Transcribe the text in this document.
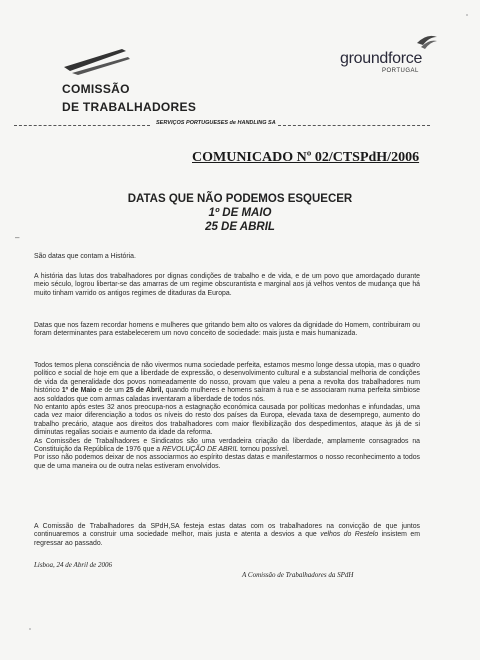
COMISSÃO
DE TRABALHADORES
groundforce
PORTUGAL
SERVIÇOS PORTUGUESES de HANDLING SA
COMUNICADO Nº 02/CTSPdH/2006
DATAS QUE NÃO PODEMOS ESQUECER
1º DE MAIO
25 DE ABRIL
–
São datas que contam a História.
A história das lutas dos trabalhadores por dignas condições de trabalho e de vida, e de um povo que amordaçado durante meio século, logrou libertar-se das amarras de um regime obscurantista e marginal aos já velhos ventos de mudança que há muito tinham varrido os antigos regimes de ditaduras da Europa.
Datas que nos fazem recordar homens e mulheres que gritando bem alto os valores da dignidade do Homem, contribuiram ou foram determinantes para estabelecerem um novo conceito de sociedade: mais justa e mais humanizada.
Todos temos plena consciência de não vivermos numa sociedade perfeita, estamos mesmo longe dessa utopia, mas o quadro político e social de hoje em que a liberdade de expressão, o desenvolvimento cultural e a substancial melhoria de condições de vida da generalidade dos povos nomeadamente do nosso, provam que valeu a pena a revolta dos trabalhadores num histórico 1º de Maio e de um 25 de Abril, quando mulheres e homens saíram à rua e se associaram numa perfeita simbiose aos soldados que com armas caladas inventaram a liberdade de todos nós.
No entanto após estes 32 anos preocupa-nos a estagnação económica causada por políticas medonhas e infundadas, uma cada vez maior diferenciação a todos os níveis do resto dos países da Europa, elevada taxa de desemprego, aumento do trabalho precário, ataque aos direitos dos trabalhadores com maior flexibilização dos despedimentos, ataque às já de si diminutas regalias sociais e aumento da idade da reforma.
As Comissões de Trabalhadores e Sindicatos são uma verdadeira criação da liberdade, amplamente consagrados na Constituição da República de 1976 que a REVOLUÇÃO DE ABRIL tornou possível.
Por isso não podemos deixar de nos associarmos ao espírito destas datas e manifestarmos o nosso reconhecimento a todos que de uma maneira ou de outra nelas estiveram envolvidos.
A Comissão de Trabalhadores da SPdH,SA festeja estas datas com os trabalhadores na convicção de que juntos continuaremos a construir uma sociedade melhor, mais justa e atenta a desvios a que velhos do Restelo insistem em regressar ao passado.
Lisboa, 24 de Abril de 2006
A Comissão de Trabalhadores da SPdH
